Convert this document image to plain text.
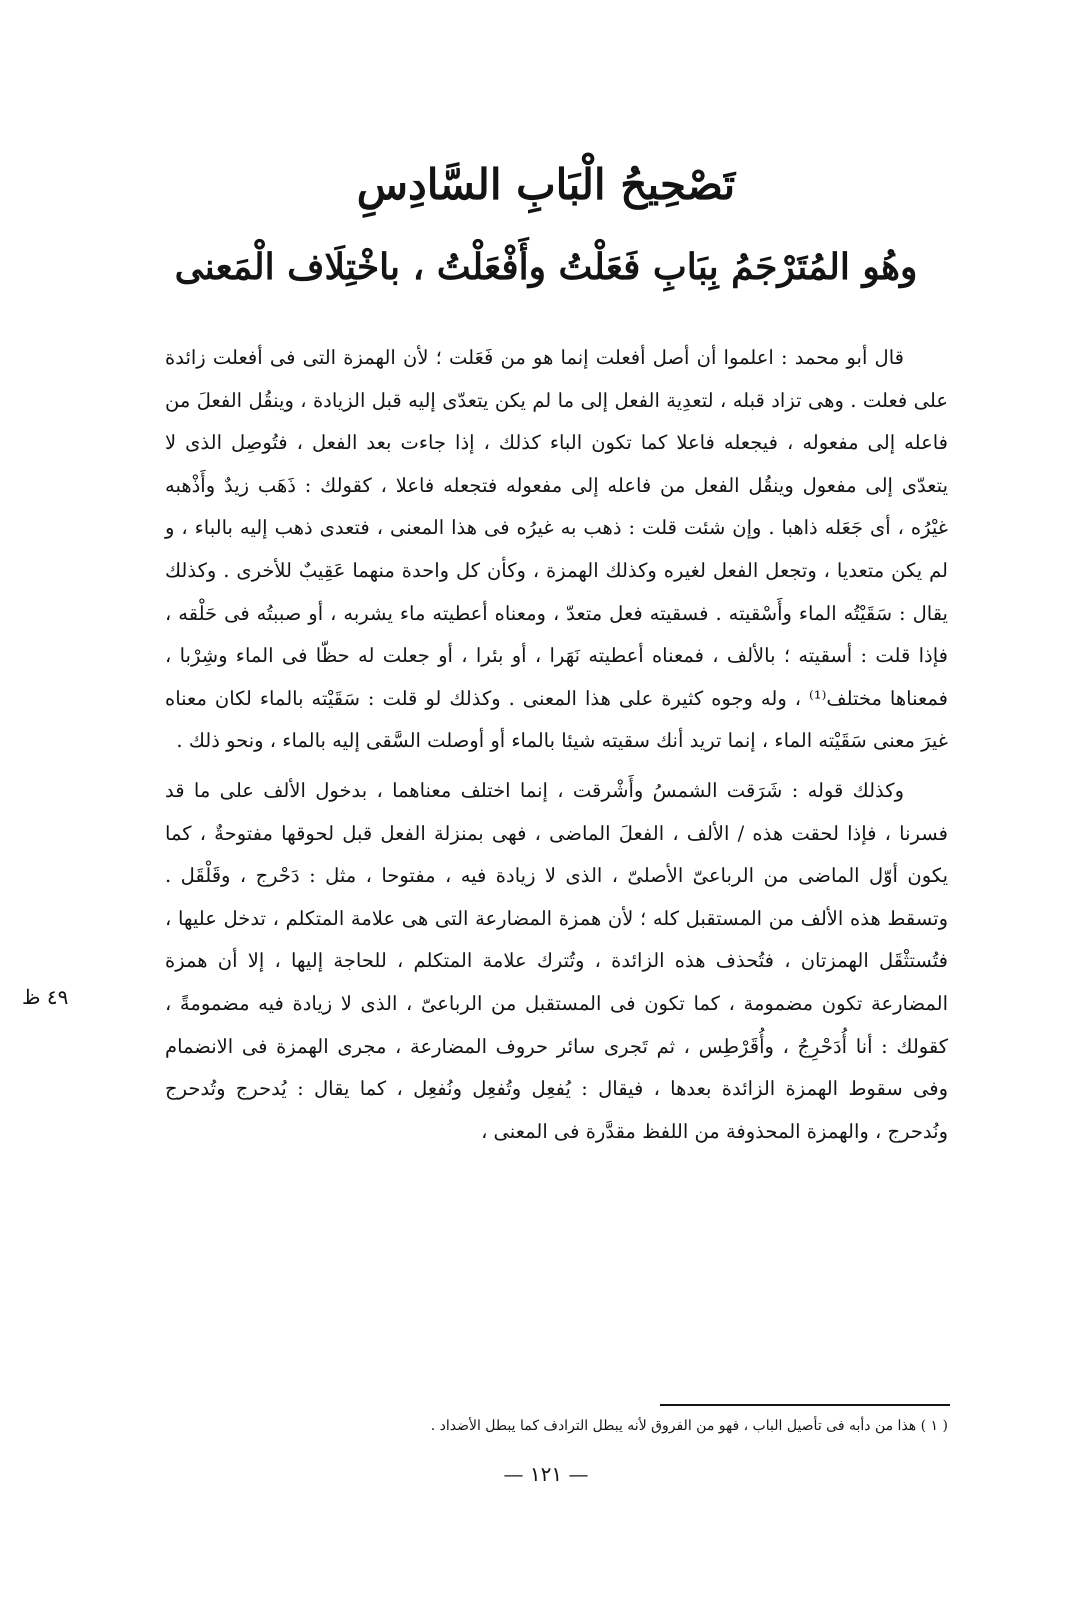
تَصْحِيحُ الْبَابِ السَّادِسِ
وهُو المُتَرْجَمُ بِبَابِ فَعَلْتُ وأَفْعَلْتُ ، باخْتِلَاف الْمَعنى

قال أبو محمد : اعلموا أن أصل أفعلت إنما هو من فَعَلت ؛ لأن الهمزة التى فى أفعلت زائدة على فعلت . وهى تزاد قبله ، لتعدِية الفعل إلى ما لم يكن يتعدّى إليه قبل الزيادة ، وينقُل الفعلَ من فاعله إلى مفعوله ، فيجعله فاعلا كما تكون الباء كذلك ، إذا جاءت بعد الفعل ، فتُوصِل الذى لا يتعدّى إلى مفعول وينقُل الفعل من فاعله إلى مفعوله فتجعله فاعلا ، كقولك : ذَهَب زيدٌ وأَذْهبه غيْرُه ، أى جَعَله ذاهبا . وإن شئت قلت : ذهب به غيرُه فى هذا المعنى ، فتعدى ذهب إليه بالباء ، و لم يكن متعديا ، وتجعل الفعل لغيره وكذلك الهمزة ، وكأن كل واحدة منهما عَقِيبٌ للأخرى . وكذلك يقال : سَقَيْتُه الماء وأَسْقيته . فسقيته فعل متعدّ ، ومعناه أعطيته ماء يشربه ، أو صببتُه فى حَلْقه ، فإذا قلت : أسقيته ؛ بالألف ، فمعناه أعطيته نَهَرا ، أو بئرا ، أو جعلت له حظّا فى الماء وشِرْبا ، فمعناها مختلف⁽¹⁾ ، وله وجوه كثيرة على هذا المعنى . وكذلك لو قلت : سَقَيْته بالماء لكان معناه غيرَ معنى سَقَيْته الماء ، إنما تريد أنك سقيته شيئا بالماء أو أوصلت السَّقى إليه بالماء ، ونحو ذلك .

وكذلك قوله : شَرَقت الشمسُ وأَشْرقت ، إنما اختلف معناهما ، بدخول الألف على ما قد فسرنا ، فإذا لحقت هذه / الألف ، الفعلَ الماضى ، فهى بمنزلة الفعل قبل لحوقها مفتوحةٌ ، كما يكون أوّل الماضى من الرباعىّ الأصلىّ ، الذى لا زيادة فيه ، مفتوحا ، مثل : دَحْرج ، وقَلْقَل . وتسقط هذه الألف من المستقبل كله ؛ لأن همزة المضارعة التى هى علامة المتكلم ، تدخل عليها ، فتُستثْقَل الهمزتان ، فتُحذف هذه الزائدة ، وتُترك علامة المتكلم ، للحاجة إليها ، إلا أن همزة المضارعة تكون مضمومة ، كما تكون فى المستقبل من الرباعىّ ، الذى لا زيادة فيه مضمومةً ، كقولك : أنا أُدَحْرِجُ ، وأُقَرْطِس ، ثم تَجرى سائر حروف المضارعة ، مجرى الهمزة فى الانضمام وفى سقوط الهمزة الزائدة بعدها ، فيقال : يُفعِل وتُفعِل ونُفعِل ، كما يقال : يُدحرج وتُدحرج ونُدحرج ، والهمزة المحذوفة من اللفظ مقدَّرة فى المعنى ،

٤٩ ظ
( ١ ) هذا من دأبه فى تأصيل الباب ، فهو من الفروق لأنه يبطل الترادف كما يبطل الأضداد .
— ١٢١ —
